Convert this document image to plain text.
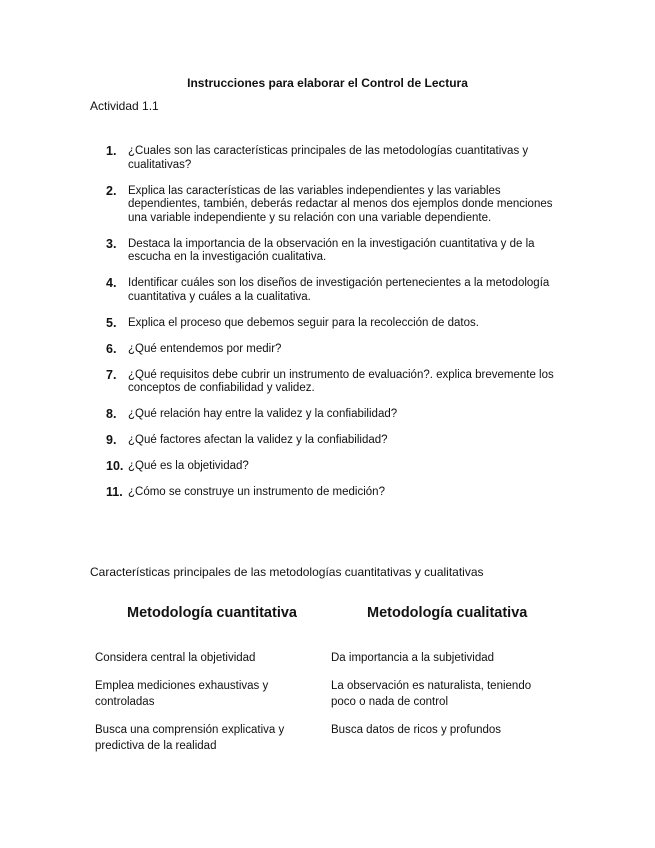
Instrucciones para elaborar el Control de Lectura
Actividad 1.1
1. ¿Cuales son las características principales de las metodologías cuantitativas y cualitativas?
2. Explica las características de las variables independientes y las variables dependientes, también, deberás redactar al menos dos ejemplos donde menciones una variable independiente y su relación con una variable dependiente.
3. Destaca la importancia de la observación en la investigación cuantitativa y de la escucha en la investigación cualitativa.
4. Identificar cuáles son los diseños de investigación pertenecientes a la metodología cuantitativa y cuáles a la cualitativa.
5. Explica el proceso que debemos seguir para la recolección de datos.
6. ¿Qué entendemos por medir?
7. ¿Qué requisitos debe cubrir un instrumento de evaluación?. explica brevemente los conceptos de confiabilidad y validez.
8. ¿Qué relación hay entre la validez y la confiabilidad?
9. ¿Qué factores afectan la validez y la confiabilidad?
10. ¿Qué es la objetividad?
11. ¿Cómo se construye un instrumento de medición?
Características principales de las metodologías cuantitativas y cualitativas
Metodología cuantitativa	Metodología cualitativa
Considera central la objetividad	Da importancia a la subjetividad
Emplea mediciones exhaustivas y controladas
La observación es naturalista, teniendo poco o nada de control
Busca una comprensión explicativa y predictiva de la realidad
Busca datos de ricos y profundos
